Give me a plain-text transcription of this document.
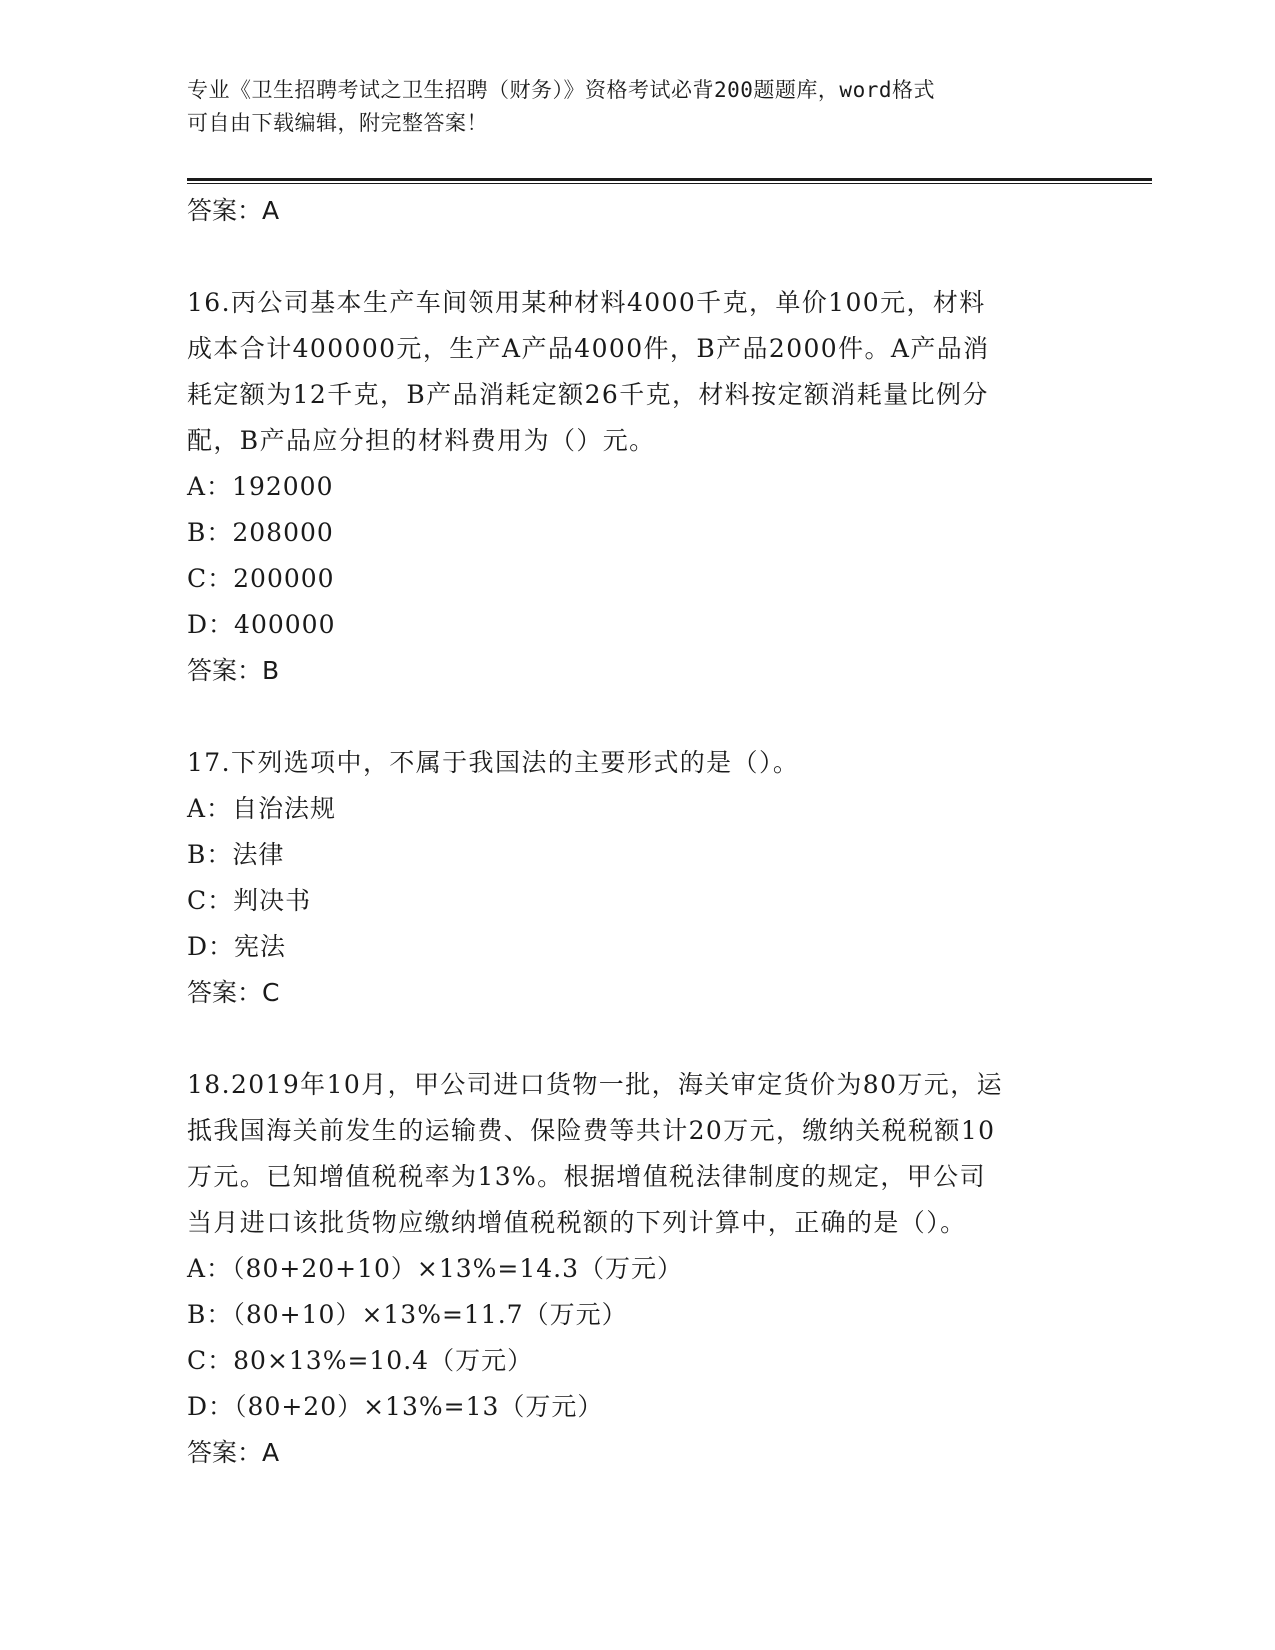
专业《卫生招聘考试之卫生招聘（财务）》资格考试必背200题题库，word格式
可自由下载编辑，附完整答案！
答案：A
16.丙公司基本生产车间领用某种材料4000千克，单价100元，材料
成本合计400000元，生产A产品4000件，B产品2000件。A产品消
耗定额为12千克，B产品消耗定额26千克，材料按定额消耗量比例分
配，B产品应分担的材料费用为（）元。
A：192000
B：208000
C：200000
D：400000
答案：B
17.下列选项中，不属于我国法的主要形式的是（）。
A：自治法规
B：法律
C：判决书
D：宪法
答案：C
18.2019年10月，甲公司进口货物一批，海关审定货价为80万元，运
抵我国海关前发生的运输费、保险费等共计20万元，缴纳关税税额10
万元。已知增值税税率为13%。根据增值税法律制度的规定，甲公司
当月进口该批货物应缴纳增值税税额的下列计算中，正确的是（）。
A：（80+20+10）×13%=14.3（万元）
B：（80+10）×13%=11.7（万元）
C：80×13%=10.4（万元）
D：（80+20）×13%=13（万元）
答案：A
